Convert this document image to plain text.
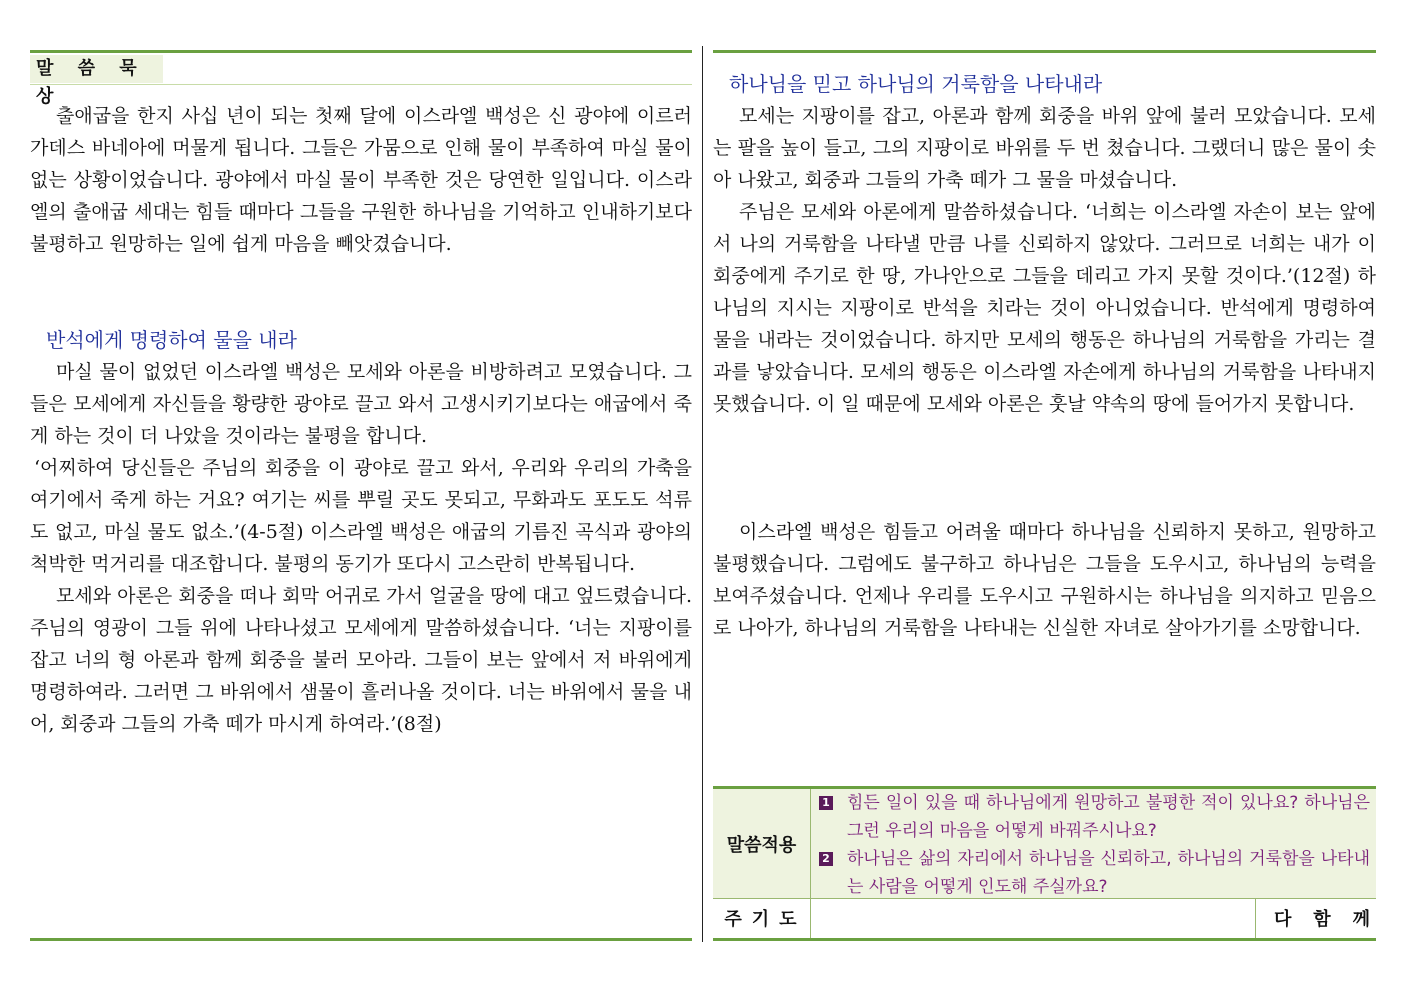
말 씀 묵 상

출애굽을 한지 사십 년이 되는 첫째 달에 이스라엘 백성은 신 광야에 이르러 가데스 바네아에 머물게 됩니다. 그들은 가뭄으로 인해 물이 부족하여 마실 물이 없는 상황이었습니다. 광야에서 마실 물이 부족한 것은 당연한 일입니다. 이스라엘의 출애굽 세대는 힘들 때마다 그들을 구원한 하나님을 기억하고 인내하기보다 불평하고 원망하는 일에 쉽게 마음을 빼앗겼습니다.

반석에게 명령하여 물을 내라

마실 물이 없었던 이스라엘 백성은 모세와 아론을 비방하려고 모였습니다. 그들은 모세에게 자신들을 황량한 광야로 끌고 와서 고생시키기보다는 애굽에서 죽게 하는 것이 더 나았을 것이라는 불평을 합니다.

‘어찌하여 당신들은 주님의 회중을 이 광야로 끌고 와서, 우리와 우리의 가축을 여기에서 죽게 하는 거요? 여기는 씨를 뿌릴 곳도 못되고, 무화과도 포도도 석류도 없고, 마실 물도 없소.’(4-5절) 이스라엘 백성은 애굽의 기름진 곡식과 광야의 척박한 먹거리를 대조합니다. 불평의 동기가 또다시 고스란히 반복됩니다.

모세와 아론은 회중을 떠나 회막 어귀로 가서 얼굴을 땅에 대고 엎드렸습니다. 주님의 영광이 그들 위에 나타나셨고 모세에게 말씀하셨습니다. ‘너는 지팡이를 잡고 너의 형 아론과 함께 회중을 불러 모아라. 그들이 보는 앞에서 저 바위에게 명령하여라. 그러면 그 바위에서 샘물이 흘러나올 것이다. 너는 바위에서 물을 내어, 회중과 그들의 가축 떼가 마시게 하여라.’(8절)

하나님을 믿고 하나님의 거룩함을 나타내라

모세는 지팡이를 잡고, 아론과 함께 회중을 바위 앞에 불러 모았습니다. 모세는 팔을 높이 들고, 그의 지팡이로 바위를 두 번 쳤습니다. 그랬더니 많은 물이 솟아 나왔고, 회중과 그들의 가축 떼가 그 물을 마셨습니다.

주님은 모세와 아론에게 말씀하셨습니다. ‘너희는 이스라엘 자손이 보는 앞에서 나의 거룩함을 나타낼 만큼 나를 신뢰하지 않았다. 그러므로 너희는 내가 이 회중에게 주기로 한 땅, 가나안으로 그들을 데리고 가지 못할 것이다.’(12절) 하나님의 지시는 지팡이로 반석을 치라는 것이 아니었습니다. 반석에게 명령하여 물을 내라는 것이었습니다. 하지만 모세의 행동은 하나님의 거룩함을 가리는 결과를 낳았습니다. 모세의 행동은 이스라엘 자손에게 하나님의 거룩함을 나타내지 못했습니다. 이 일 때문에 모세와 아론은 훗날 약속의 땅에 들어가지 못합니다.

이스라엘 백성은 힘들고 어려울 때마다 하나님을 신뢰하지 못하고, 원망하고 불평했습니다. 그럼에도 불구하고 하나님은 그들을 도우시고, 하나님의 능력을 보여주셨습니다. 언제나 우리를 도우시고 구원하시는 하나님을 의지하고 믿음으로 나아가, 하나님의 거룩함을 나타내는 신실한 자녀로 살아가기를 소망합니다.

말씀적용

1 힘든 일이 있을 때 하나님에게 원망하고 불평한 적이 있나요? 하나님은 그런 우리의 마음을 어떻게 바꿔주시나요?

2 하나님은 삶의 자리에서 하나님을 신뢰하고, 하나님의 거룩함을 나타내는 사람을 어떻게 인도해 주실까요?

주기도	다 함 께
